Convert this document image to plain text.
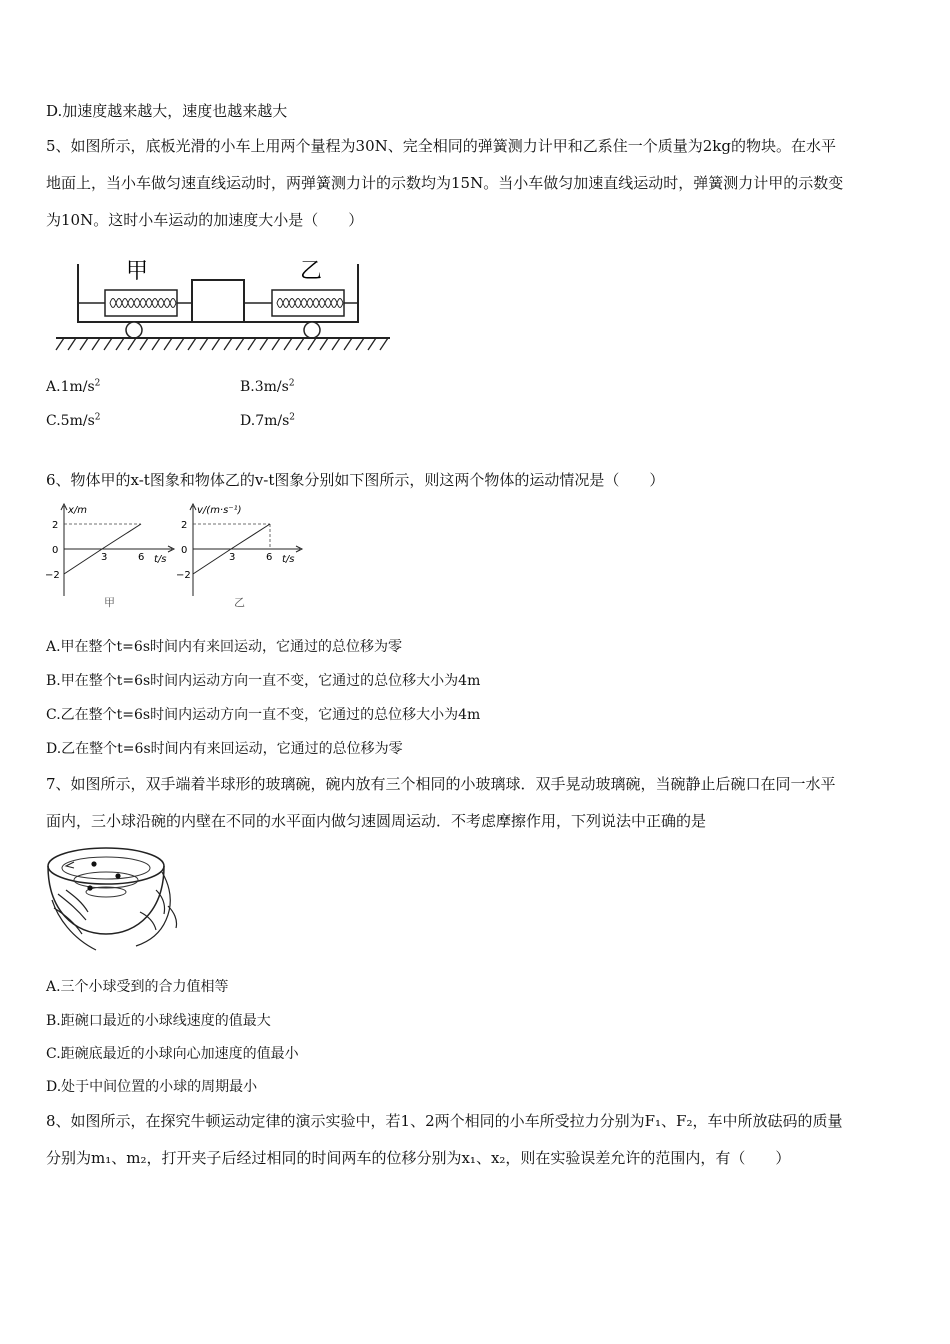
D.加速度越来越大，速度也越来越大
5、如图所示，底板光滑的小车上用两个量程为30N、完全相同的弹簧测力计甲和乙系住一个质量为2kg的物块。在水平
地面上，当小车做匀速直线运动时，两弹簧测力计的示数均为15N。当小车做匀加速直线运动时，弹簧测力计甲的示数变
为10N。这时小车运动的加速度大小是（　　）
甲	乙
$A.1m/s^2$	$B.3m/s^2$
$C.5m/s^2$	$D.7m/s^2$
6、物体甲的x-t图象和物体乙的v-t图象分别如下图所示，则这两个物体的运动情况是（　　）
x/m
2
0
−2
3	6 t/s
甲
v/(m·s⁻¹)
2
0
−2
3	6 t/s
乙
A.甲在整个t=6s时间内有来回运动，它通过的总位移为零
B.甲在整个t=6s时间内运动方向一直不变，它通过的总位移大小为4m
C.乙在整个t=6s时间内运动方向一直不变，它通过的总位移大小为4m
D.乙在整个t=6s时间内有来回运动，它通过的总位移为零
7、如图所示，双手端着半球形的玻璃碗，碗内放有三个相同的小玻璃球．双手晃动玻璃碗，当碗静止后碗口在同一水平
面内，三小球沿碗的内壁在不同的水平面内做匀速圆周运动．不考虑摩擦作用，下列说法中正确的是
A.三个小球受到的合力值相等
B.距碗口最近的小球线速度的值最大
C.距碗底最近的小球向心加速度的值最小
D.处于中间位置的小球的周期最小
8、如图所示，在探究牛顿运动定律的演示实验中，若1、2两个相同的小车所受拉力分别为F₁、F₂，车中所放砝码的质量
分别为m₁、m₂，打开夹子后经过相同的时间两车的位移分别为x₁、x₂，则在实验误差允许的范围内，有（　　）
